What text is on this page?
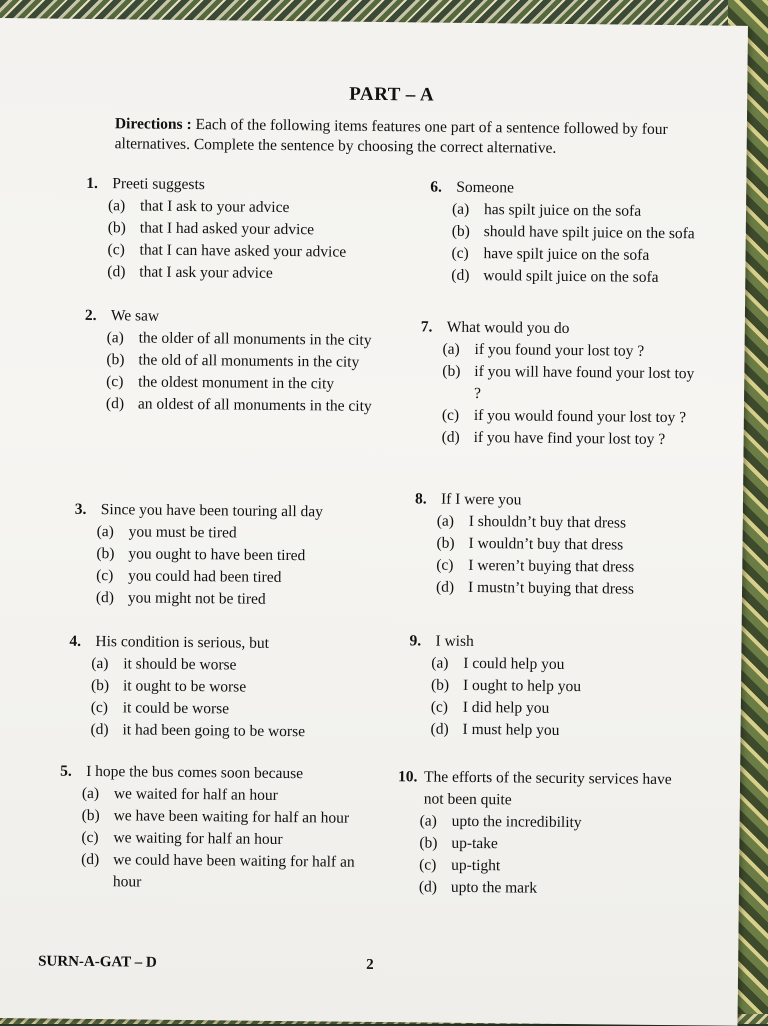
PART – A
Directions : Each of the following items features one part of a sentence followed by four alternatives. Complete the sentence by choosing the correct alternative.
1. Preeti suggests
(a) that I ask to your advice
(b) that I had asked your advice
(c) that I can have asked your advice
(d) that I ask your advice
2. We saw
(a) the older of all monuments in the city
(b) the old of all monuments in the city
(c) the oldest monument in the city
(d) an oldest of all monuments in the city
3. Since you have been touring all day
(a) you must be tired
(b) you ought to have been tired
(c) you could had been tired
(d) you might not be tired
4. His condition is serious, but
(a) it should be worse
(b) it ought to be worse
(c) it could be worse
(d) it had been going to be worse
5. I hope the bus comes soon because
(a) we waited for half an hour
(b) we have been waiting for half an hour
(c) we waiting for half an hour
(d) we could have been waiting for half an hour
6. Someone
(a) has spilt juice on the sofa
(b) should have spilt juice on the sofa
(c) have spilt juice on the sofa
(d) would spilt juice on the sofa
7. What would you do
(a) if you found your lost toy ?
(b) if you will have found your lost toy ?
(c) if you would found your lost toy ?
(d) if you have find your lost toy ?
8. If I were you
(a) I shouldn’t buy that dress
(b) I wouldn’t buy that dress
(c) I weren’t buying that dress
(d) I mustn’t buying that dress
9. I wish
(a) I could help you
(b) I ought to help you
(c) I did help you
(d) I must help you
10. The efforts of the security services have not been quite
(a) upto the incredibility
(b) up-take
(c) up-tight
(d) upto the mark
SURN-A-GAT – D	2
